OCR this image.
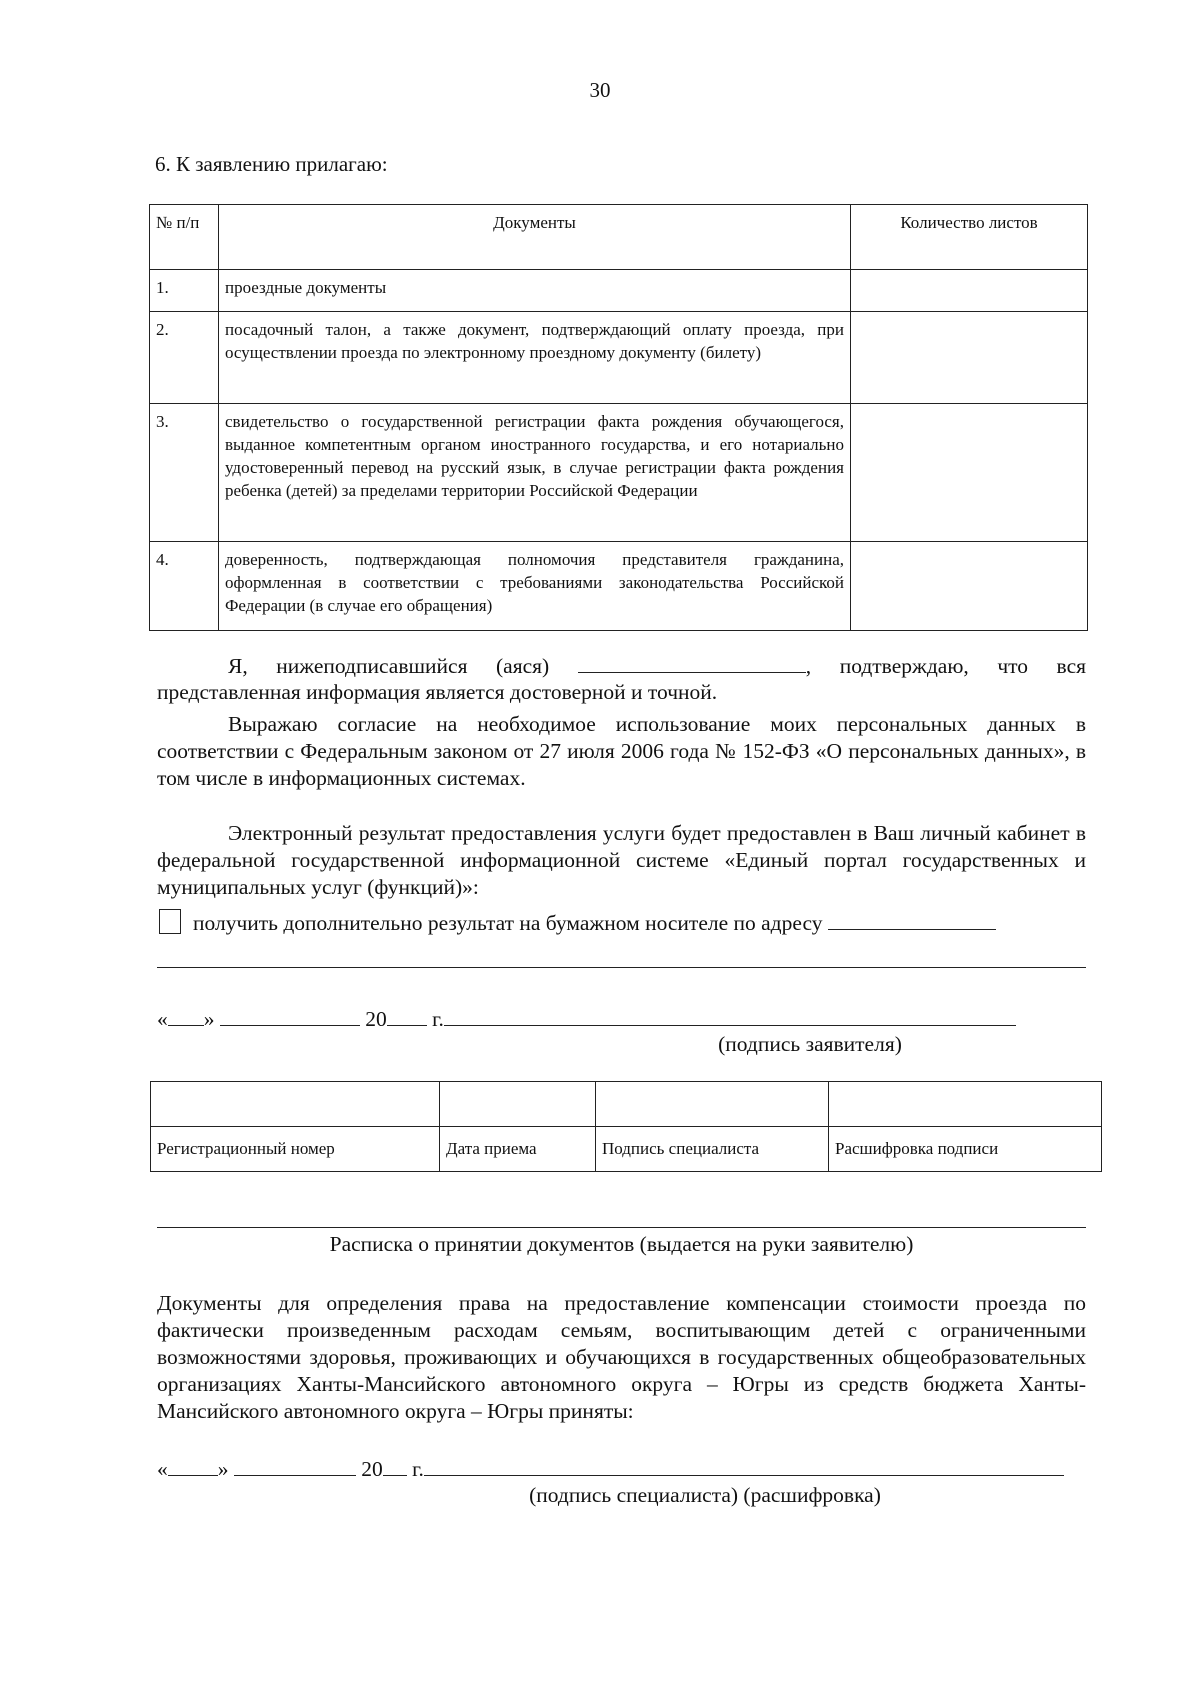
30
6. К заявлению прилагаю:
№ п/п	Документы	Количество листов
1.	проездные документы	
2.	посадочный талон, а также документ, подтверждающий оплату проезда, при осуществлении проезда по электронному проездному документу (билету)	
3.	свидетельство о государственной регистрации факта рождения обучающегося, выданное компетентным органом иностранного государства, и его нотариально удостоверенный перевод на русский язык, в случае регистрации факта рождения ребенка (детей) за пределами территории Российской Федерации	
4.	доверенность, подтверждающая полномочия представителя гражданина, оформленная в соответствии с требованиями законодательства Российской Федерации (в случае его обращения)	
Я, нижеподписавшийся (аяся)	, подтверждаю, что вся
представленная информация является достоверной и точной.
Выражаю согласие на необходимое использование моих персональных данных в соответствии с Федеральным законом от 27 июля 2006 года № 152-ФЗ «О персональных данных», в том числе в информационных системах.
Электронный результат предоставления услуги будет предоставлен в Ваш личный кабинет в федеральной государственной информационной системе «Единый портал государственных и муниципальных услуг (функций)»:
получить дополнительно результат на бумажном носителе по адресу
« »	20 г.
(подпись заявителя)

Регистрационный номер	Дата приема	Подпись специалиста	Расшифровка подписи
Расписка о принятии документов (выдается на руки заявителю)
Документы для определения права на предоставление компенсации стоимости проезда по фактически произведенным расходам семьям, воспитывающим детей с ограниченными возможностями здоровья, проживающих и обучающихся в государственных общеобразовательных организациях Ханты-Мансийского автономного округа – Югры из средств бюджета Ханты-Мансийского автономного округа – Югры приняты:
« »	20 г.
(подпись специалиста) (расшифровка)
